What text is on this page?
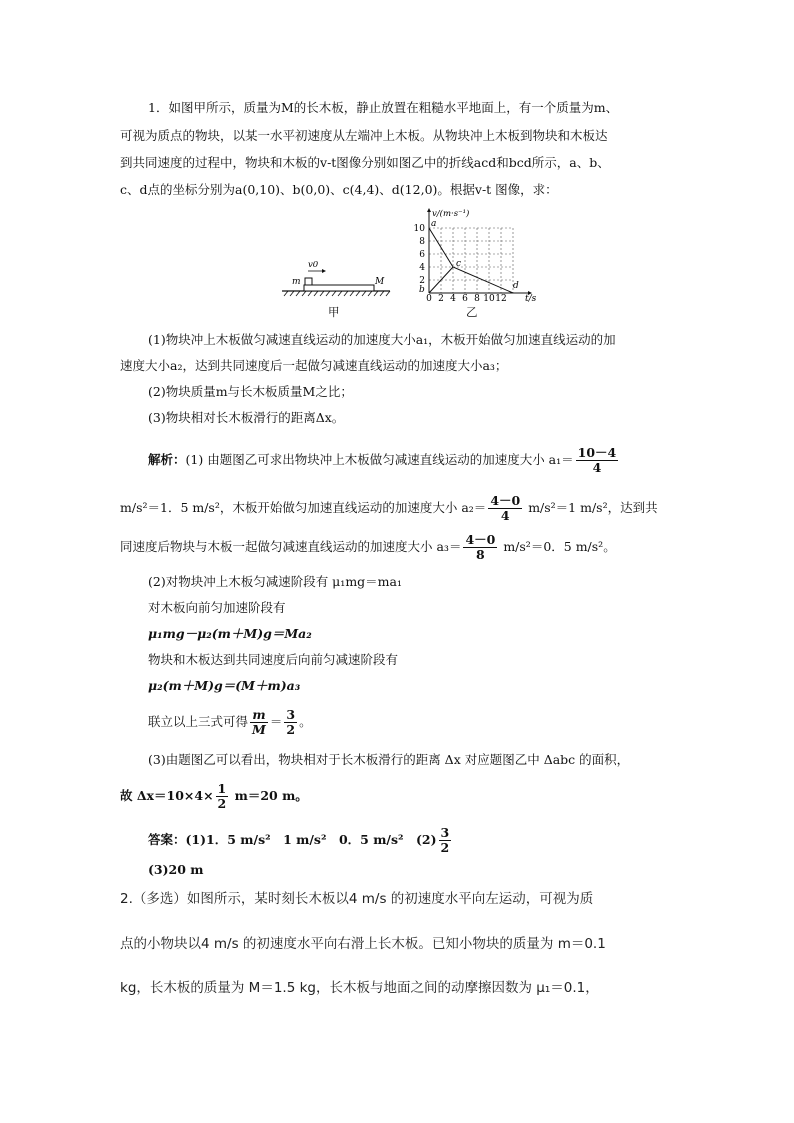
1．如图甲所示，质量为M的长木板，静止放置在粗糙水平地面上，有一个质量为m、
可视为质点的物块，以某一水平初速度从左端冲上木板。从物块冲上木板到物块和木板达
到共同速度的过程中，物块和木板的v-t图像分别如图乙中的折线acd和bcd所示，a、b、
c、d点的坐标分别为a(0,10)、b(0,0)、c(4,4)、d(12,0)。根据v-t 图像，求：
v0
m	M
甲
v/(m·s⁻¹)
t/s
10
8
6
4
2
0 2 4 6 8 10 12
a
b
c
d
乙
(1)物块冲上木板做匀减速直线运动的加速度大小a₁，木板开始做匀加速直线运动的加
速度大小a₂，达到共同速度后一起做匀减速直线运动的加速度大小a₃；
(2)物块质量m与长木板质量M之比；
(3)物块相对长木板滑行的距离Δx。
解析：(1) 由题图乙可求出物块冲上木板做匀减速直线运动的加速度大小 $a_1= \frac{10-4}{4}$
m/s²＝1．5 m/s²，木板开始做匀加速直线运动的加速度大小 $a_2= \frac{4-0}{4} m/s^2=1$ m/s²，达到共
同速度后物块与木板一起做匀减速直线运动的加速度大小 $a_3= \frac{4-0}{8} m/s^2=0$．5 m/s²。
(2)对物块冲上木板匀减速阶段有 μ₁mg＝ma₁
对木板向前匀加速阶段有
μ₁mg－μ₂(m＋M)g＝Ma₂
物块和木板达到共同速度后向前匀减速阶段有
μ₂(m＋M)g＝(M＋m)a₃
联立以上三式可得 $\frac{m}{M} = \frac{3}{2}$ 。
(3)由题图乙可以看出，物块相对于长木板滑行的距离 Δx 对应题图乙中 Δabc 的面积，
故 $\Delta x=10\times 4\times \frac{1}{2} m=20$ m。
答案：(1)1．5 m/s²　1 m/s²　0．5 m/s²　$(2) \frac{3}{2}$
(3)20 m
2.（多选）如图所示，某时刻长木板以4 m/s 的初速度水平向左运动，可视为质
点的小物块以4 m/s 的初速度水平向右滑上长木板。已知小物块的质量为 m＝0.1
kg，长木板的质量为 M＝1.5 kg，长木板与地面之间的动摩擦因数为 μ₁＝0.1，
